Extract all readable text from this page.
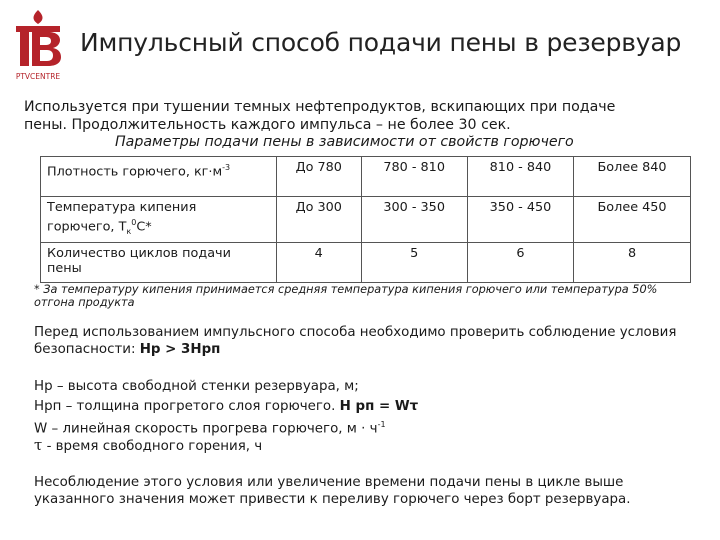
PTVCENTRE
Импульсный способ подачи пены в резервуар
Используется при тушении темных нефтепродуктов, вскипающих при подаче
пены. Продолжительность каждого импульса – не более 30 сек.
Параметры подачи пены в зависимости от свойств горючего
Плотность горючего, $кг\cdot м^{-3}$	До 780	780 - 810	810 - 840	Более 840

Температура кипения
горючего, $Т_к^0С*$	До 300	300 - 350	350 - 450	Более 450

Количество циклов подачи
пены	4	5	6	8
* За температуру кипения принимается средняя температура кипения горючего или температура 50%
отгона продукта
Перед использованием импульсного способа необходимо проверить соблюдение условия
безопасности: Hр > 3Hрп
Hр – высота свободной стенки резервуара, м;
Hрп – толщина прогретого слоя горючего. H рп = Wτ
W – линейная скорость прогрева горючего, $м \cdot ч^{-1}$
τ - время свободного горения, ч
Несоблюдение этого условия или увеличение времени подачи пены в цикле выше
указанного значения может привести к переливу горючего через борт резервуара.
